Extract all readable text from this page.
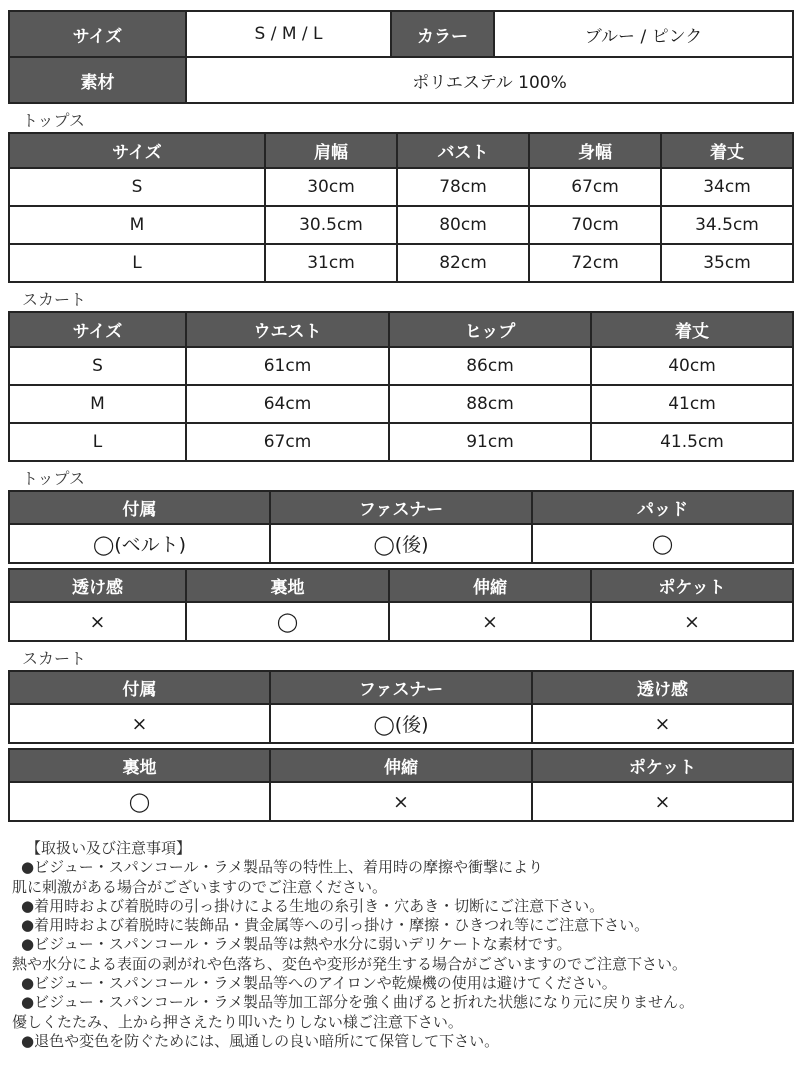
サイズ	S / M / L	カラー	ブルー / ピンク
素材	ポリエステル 100%		
トップス
サイズ	肩幅	バスト	身幅	着丈
S	30cm	78cm	67cm	34cm
M	30.5cm	80cm	70cm	34.5cm
L	31cm	82cm	72cm	35cm
スカート
サイズ	ウエスト	ヒップ	着丈
S	61cm	86cm	40cm
M	64cm	88cm	41cm
L	67cm	91cm	41.5cm
トップス
付属	ファスナー	パッド
◯(ベルト)	◯(後)	◯
透け感	裏地	伸縮	ポケット
×	◯	×	×
スカート
付属	ファスナー	透け感
×	◯(後)	×
裏地	伸縮	ポケット
◯	×	×
【取扱い及び注意事項】
●ビジュー・スパンコール・ラメ製品等の特性上、着用時の摩擦や衝撃により
肌に刺激がある場合がございますのでご注意ください。
●着用時および着脱時の引っ掛けによる生地の糸引き・穴あき・切断にご注意下さい。
●着用時および着脱時に装飾品・貴金属等への引っ掛け・摩擦・ひきつれ等にご注意下さい。
●ビジュー・スパンコール・ラメ製品等は熱や水分に弱いデリケートな素材です。
熱や水分による表面の剥がれや色落ち、変色や変形が発生する場合がございますのでご注意下さい。
●ビジュー・スパンコール・ラメ製品等へのアイロンや乾燥機の使用は避けてください。
●ビジュー・スパンコール・ラメ製品等加工部分を強く曲げると折れた状態になり元に戻りません。
優しくたたみ、上から押さえたり叩いたりしない様ご注意下さい。
●退色や変色を防ぐためには、風通しの良い暗所にて保管して下さい。
